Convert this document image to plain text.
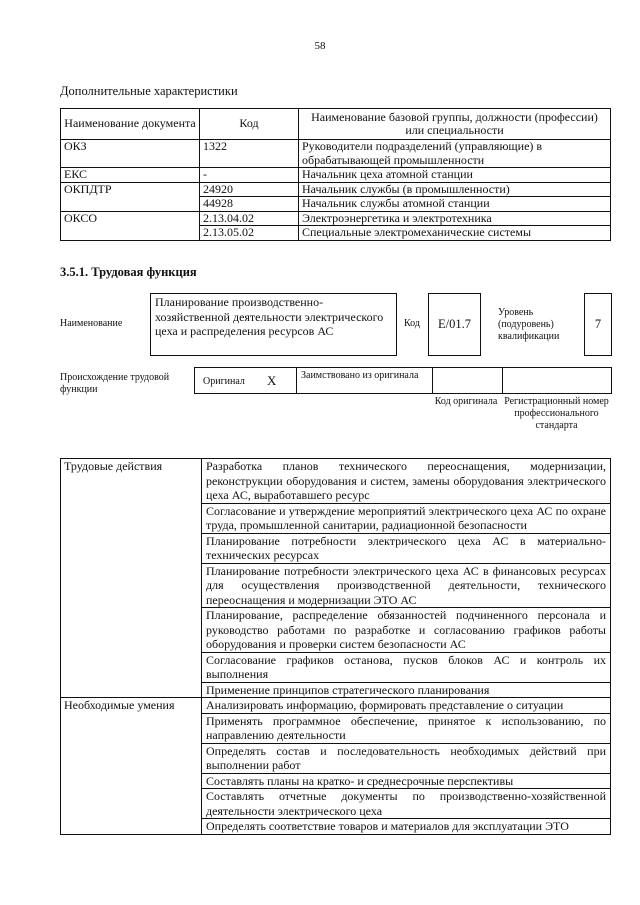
58
Дополнительные характеристики
Наименование документа	Код	Наименование базовой группы, должности (профессии) или специальности
ОКЗ	1322	Руководители подразделений (управляющие) в обрабатывающей промышленности
ЕКС	-	Начальник цеха атомной станции
ОКПДТР	24920	Начальник службы (в промышленности)
	44928	Начальник службы атомной станции
ОКСО	2.13.04.02	Электроэнергетика и электротехника
	2.13.05.02	Специальные электромеханические системы
3.5.1. Трудовая функция
Наименование
Планирование производственно-хозяйственной деятельности электрического цеха и распределения ресурсов АС
Код	E/01.7
Уровень (подуровень) квалификации
7
Происхождение трудовой функции
Оригинал X Заимствовано из оригинала
Код оригинала Регистрационный номер профессионального стандарта
Трудовые действия	Разработка планов технического переоснащения, модернизации, реконструкции оборудования и систем, замены оборудования электрического цеха АС, выработавшего ресурс
	Согласование и утверждение мероприятий электрического цеха АС по охране труда, промышленной санитарии, радиационной безопасности
	Планирование потребности электрического цеха АС в материально-технических ресурсах
	Планирование потребности электрического цеха АС в финансовых ресурсах для осуществления производственной деятельности, технического переоснащения и модернизации ЭТО АС
	Планирование, распределение обязанностей подчиненного персонала и руководство работами по разработке и согласованию графиков работы оборудования и проверки систем безопасности АС
	Согласование графиков останова, пусков блоков АС и контроль их выполнения
	Применение принципов стратегического планирования
Необходимые умения	Анализировать информацию, формировать представление о ситуации
	Применять программное обеспечение, принятое к использованию, по направлению деятельности
	Определять состав и последовательность необходимых действий при выполнении работ
	Составлять планы на кратко- и среднесрочные перспективы
	Составлять отчетные документы по производственно-хозяйственной деятельности электрического цеха
	Определять соответствие товаров и материалов для эксплуатации ЭТО
